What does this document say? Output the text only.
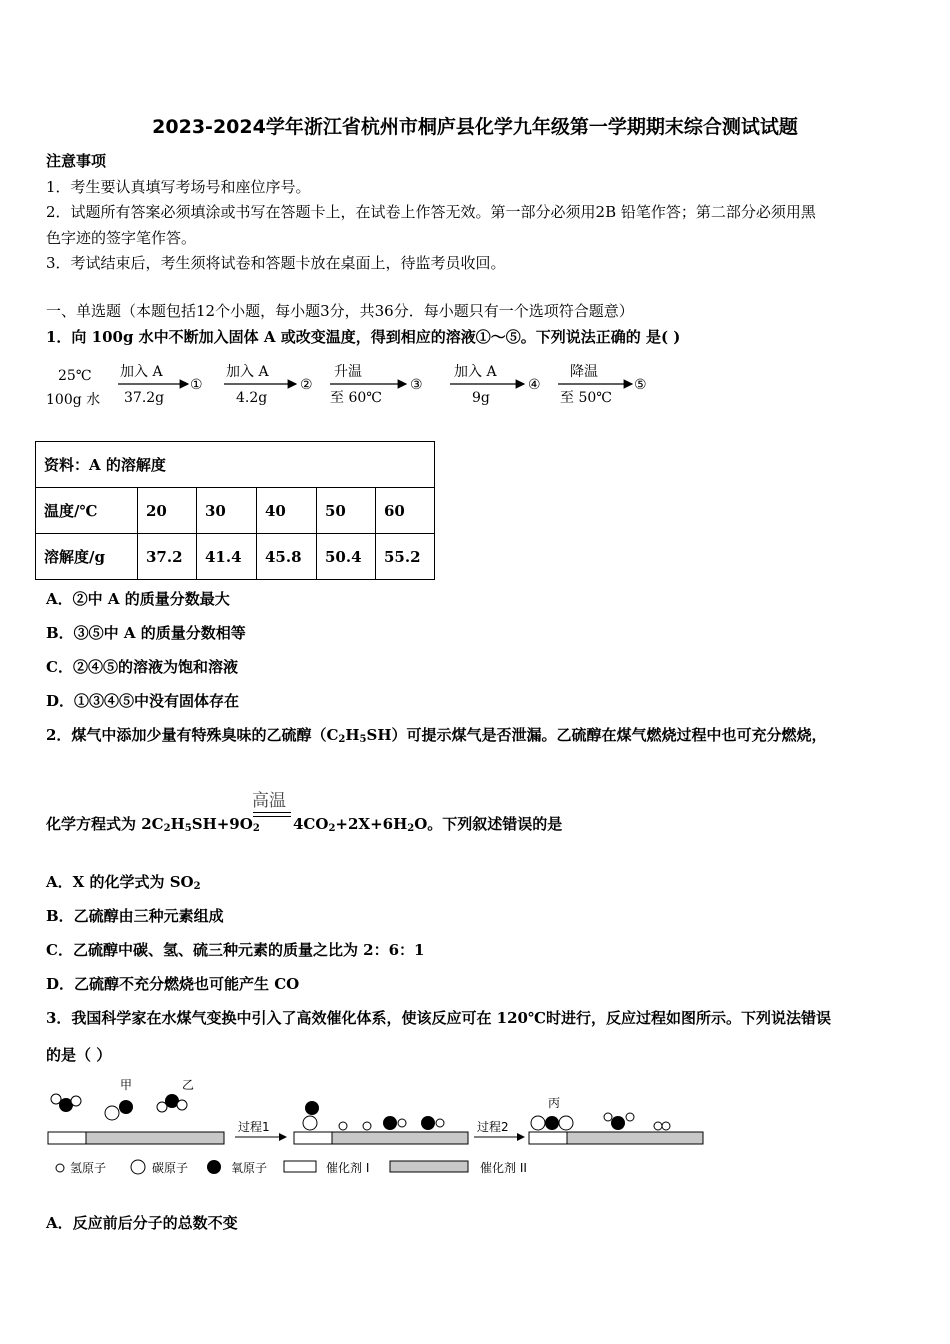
2023-2024学年浙江省杭州市桐庐县化学九年级第一学期期末综合测试试题
注意事项
1．考生要认真填写考场号和座位序号。
2．试题所有答案必须填涂或书写在答题卡上，在试卷上作答无效。第一部分必须用2B 铅笔作答；第二部分必须用黑
色字迹的签字笔作答。
3．考试结束后，考生须将试卷和答题卡放在桌面上，待监考员收回。
一、单选题（本题包括12个小题，每小题3分，共36分．每小题只有一个选项符合题意）
1．向 100g 水中不断加入固体 A 或改变温度，得到相应的溶液①～⑤。下列说法正确的 是( )
25℃
100g 水
加入 A
37.2g
①
加入 A
4.2g
②
升温
至 60℃
③
加入 A
9g
④
降温
至 50℃
⑤
资料：A 的溶解度					
温度/℃	20	30	40	50	60
溶解度/g	37.2	41.4	45.8	50.4	55.2
A．②中 A 的质量分数最大
B．③⑤中 A 的质量分数相等
C．②④⑤的溶液为饱和溶液
D．①③④⑤中没有固体存在
2．煤气中添加少量有特殊臭味的乙硫醇$(C_2H_5SH)$可提示煤气是否泄漏。乙硫醇在煤气燃烧过程中也可充分燃烧，
高温
化学方程式为 $2C_2H_5SH+9O_2$ $4CO_2+2X+6H_2O$。下列叙述错误的是
A．X 的化学式为 $SO_2$
B．乙硫醇由三种元素组成
C．乙硫醇中碳、氢、硫三种元素的质量之比为 2：6：1
D．乙硫醇不充分燃烧也可能产生 CO
3．我国科学家在水煤气变换中引入了高效催化体系，使该反应可在 120℃时进行，反应过程如图所示。下列说法错误
的是（ ）
甲	乙
过程1	过程2
丙
氢原子	碳原子	氧原子	催化剂 I	催化剂 II
A．反应前后分子的总数不变
